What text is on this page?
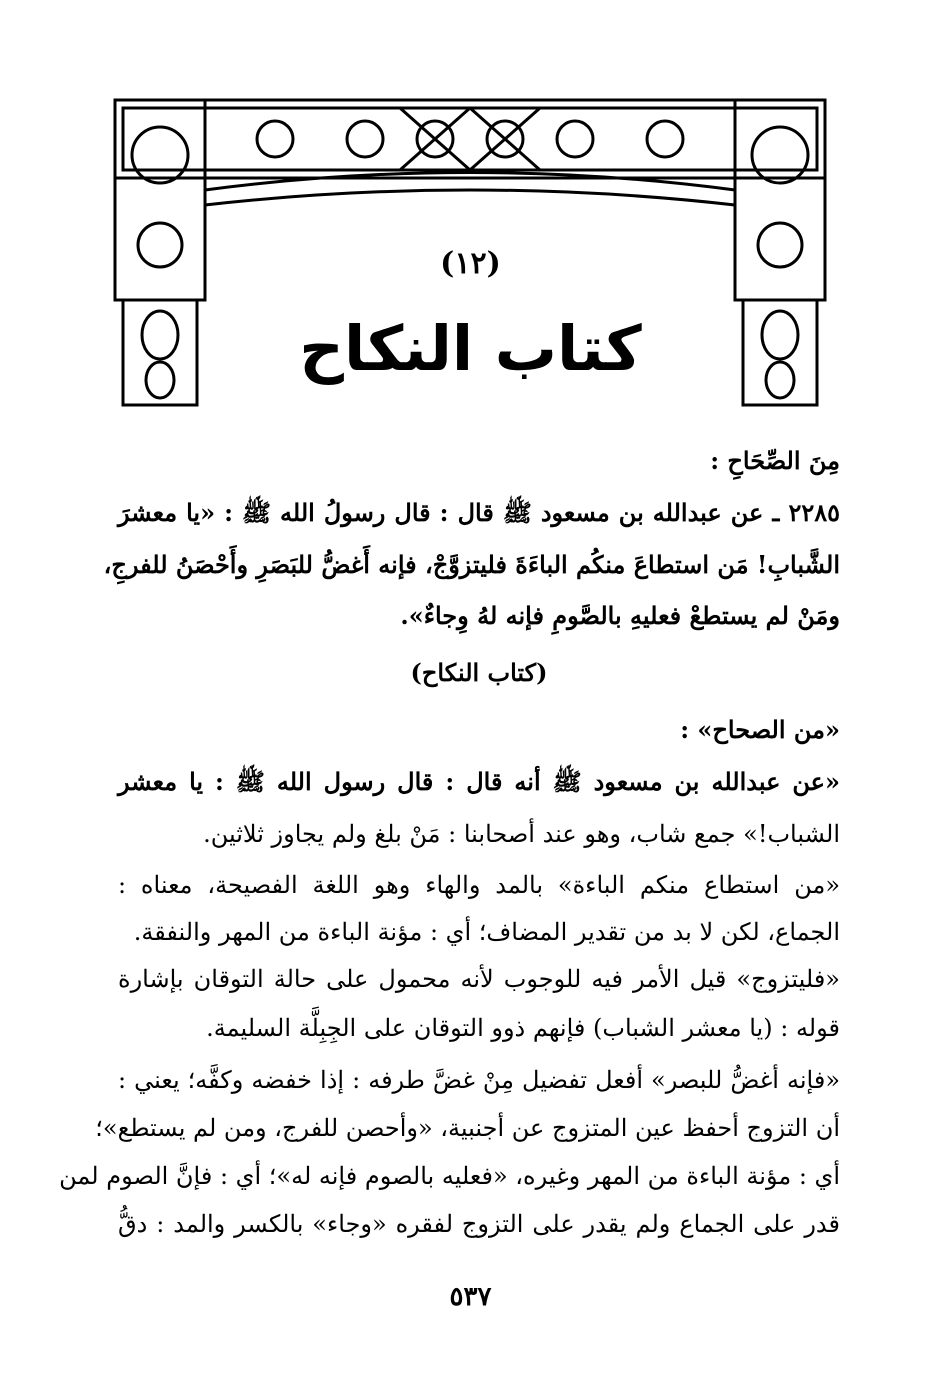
(١٢)
كتاب النكاح
مِنَ الصِّحَاحِ :
٢٢٨٥ ـ عن عبدالله بن مسعود ﷺ قال : قال رسولُ الله ﷺ : «يا معشرَ
الشَّبابِ! مَن استطاعَ منكُم الباءَةَ فليتزوَّجْ، فإنه أَغضُّ للبَصَرِ وأَحْصَنُ للفرجِ،
ومَنْ لم يستطعْ فعليهِ بالصَّومِ فإنه لهُ وِجاءٌ».
(كتاب النكاح)
«من الصحاح» :
«عن عبدالله بن مسعود ﷺ أنه قال : قال رسول الله ﷺ : يا معشر
الشباب!» جمع شاب، وهو عند أصحابنا : مَنْ بلغ ولم يجاوز ثلاثين.
«من استطاع منكم الباءة» بالمد والهاء وهو اللغة الفصيحة، معناه :
الجماع، لكن لا بد من تقدير المضاف؛ أي : مؤنة الباءة من المهر والنفقة.
«فليتزوج» قيل الأمر فيه للوجوب لأنه محمول على حالة التوقان بإشارة
قوله : (يا معشر الشباب) فإنهم ذوو التوقان على الجِبِلَّة السليمة.
«فإنه أغضُّ للبصر» أفعل تفضيل مِنْ غضَّ طرفه : إذا خفضه وكفَّه؛ يعني :
أن التزوج أحفظ عين المتزوج عن أجنبية، «وأحصن للفرج، ومن لم يستطع»؛
أي : مؤنة الباءة من المهر وغيره، «فعليه بالصوم فإنه له»؛ أي : فإنَّ الصوم لمن
قدر على الجماع ولم يقدر على التزوج لفقره «وجاء» بالكسر والمد : دقُّ
٥٣٧
